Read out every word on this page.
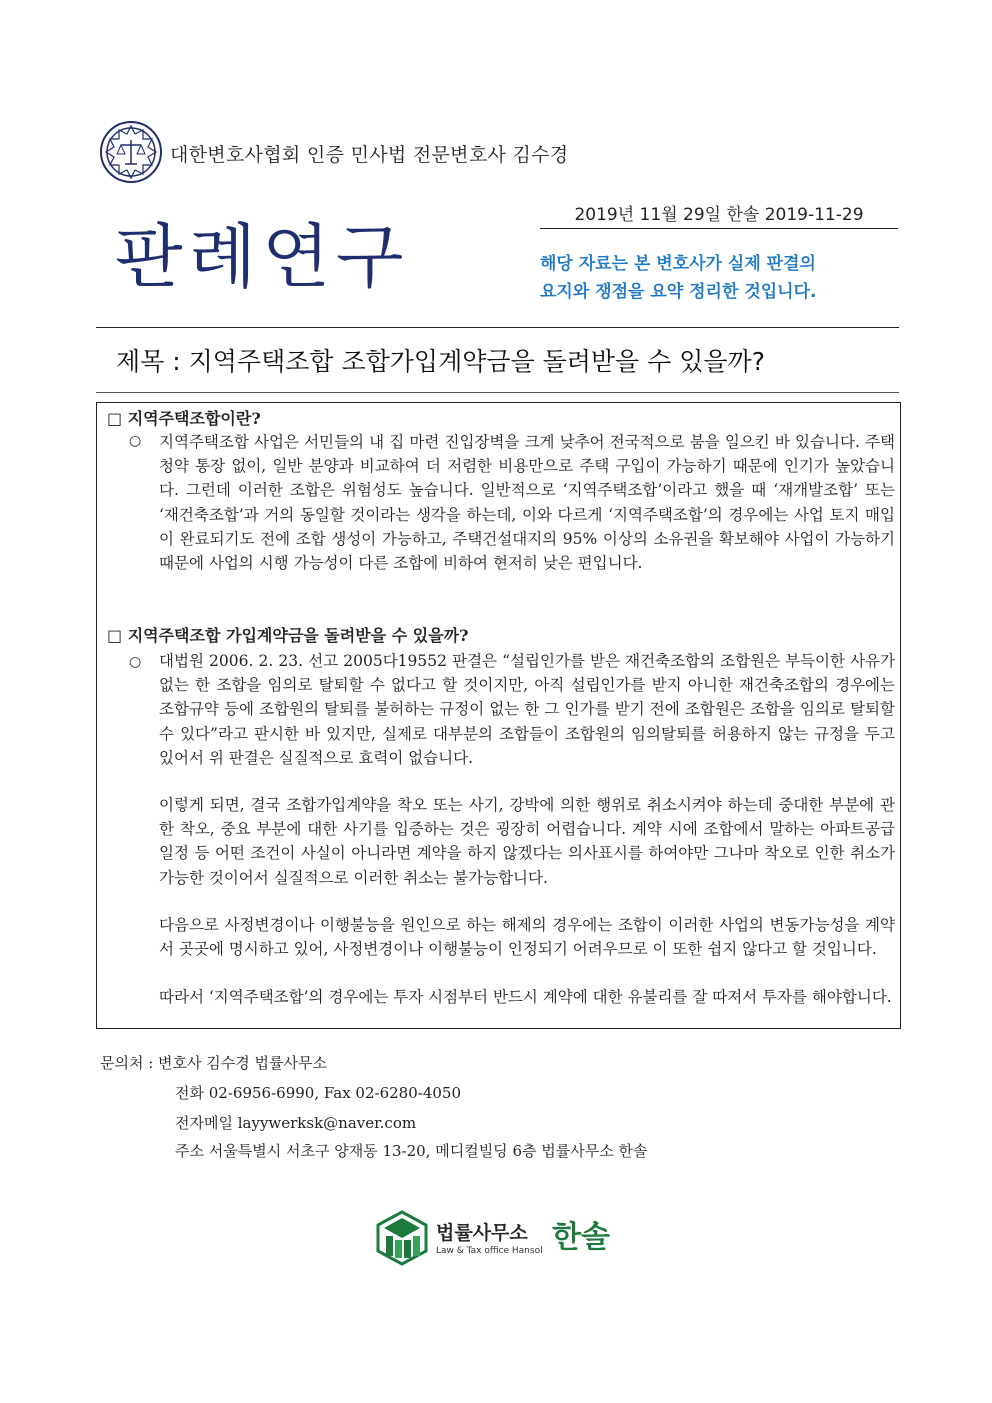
대한변호사협회 인증 민사법 전문변호사 김수경
2019년 11월 29일 한솔 2019-11-29
판례연구	해당 자료는 본 변호사가 실제 판결의
요지와 쟁점을 요약 정리한 것입니다.
제목 : 지역주택조합 조합가입계약금을 돌려받을 수 있을까?
□ 지역주택조합이란?
○ 지역주택조합 사업은 서민들의 내 집 마련 진입장벽을 크게 낮추어 전국적으로 붐을 일으킨 바 있습니다. 주택청약 통장 없이, 일반 분양과 비교하여 더 저렴한 비용만으로 주택 구입이 가능하기 때문에 인기가 높았습니다. 그런데 이러한 조합은 위험성도 높습니다. 일반적으로 ‘지역주택조합’이라고 했을 때 ‘재개발조합’ 또는 ‘재건축조합’과 거의 동일할 것이라는 생각을 하는데, 이와 다르게 ‘지역주택조합’의 경우에는 사업 토지 매입이 완료되기도 전에 조합 생성이 가능하고, 주택건설대지의 95% 이상의 소유권을 확보해야 사업이 가능하기 때문에 사업의 시행 가능성이 다른 조합에 비하여 현저히 낮은 편입니다.

□ 지역주택조합 가입계약금을 돌려받을 수 있을까?
○ 대법원 2006. 2. 23. 선고 2005다19552 판결은 “설립인가를 받은 재건축조합의 조합원은 부득이한 사유가 없는 한 조합을 임의로 탈퇴할 수 없다고 할 것이지만, 아직 설립인가를 받지 아니한 재건축조합의 경우에는 조합규약 등에 조합원의 탈퇴를 불허하는 규정이 없는 한 그 인가를 받기 전에 조합원은 조합을 임의로 탈퇴할 수 있다”라고 판시한 바 있지만, 실제로 대부분의 조합들이 조합원의 임의탈퇴를 허용하지 않는 규정을 두고 있어서 위 판결은 실질적으로 효력이 없습니다.

이렇게 되면, 결국 조합가입계약을 착오 또는 사기, 강박에 의한 행위로 취소시켜야 하는데 중대한 부분에 관한 착오, 중요 부분에 대한 사기를 입증하는 것은 굉장히 어렵습니다. 계약 시에 조합에서 말하는 아파트공급일정 등 어떤 조건이 사실이 아니라면 계약을 하지 않겠다는 의사표시를 하여야만 그나마 착오로 인한 취소가 가능한 것이어서 실질적으로 이러한 취소는 불가능합니다.

다음으로 사정변경이나 이행불능을 원인으로 하는 해제의 경우에는 조합이 이러한 사업의 변동가능성을 계약서 곳곳에 명시하고 있어, 사정변경이나 이행불능이 인정되기 어려우므로 이 또한 쉽지 않다고 할 것입니다.

따라서 ‘지역주택조합’의 경우에는 투자 시점부터 반드시 계약에 대한 유불리를 잘 따져서 투자를 해야합니다.

문의처 : 변호사 김수경 법률사무소
전화 02-6956-6990, Fax 02-6280-4050
전자메일 layywerksk@naver.com
주소 서울특별시 서초구 양재동 13-20, 메디컬빌딩 6층 법률사무소 한솔
법률사무소 한솔
Law & Tax office Hansol
